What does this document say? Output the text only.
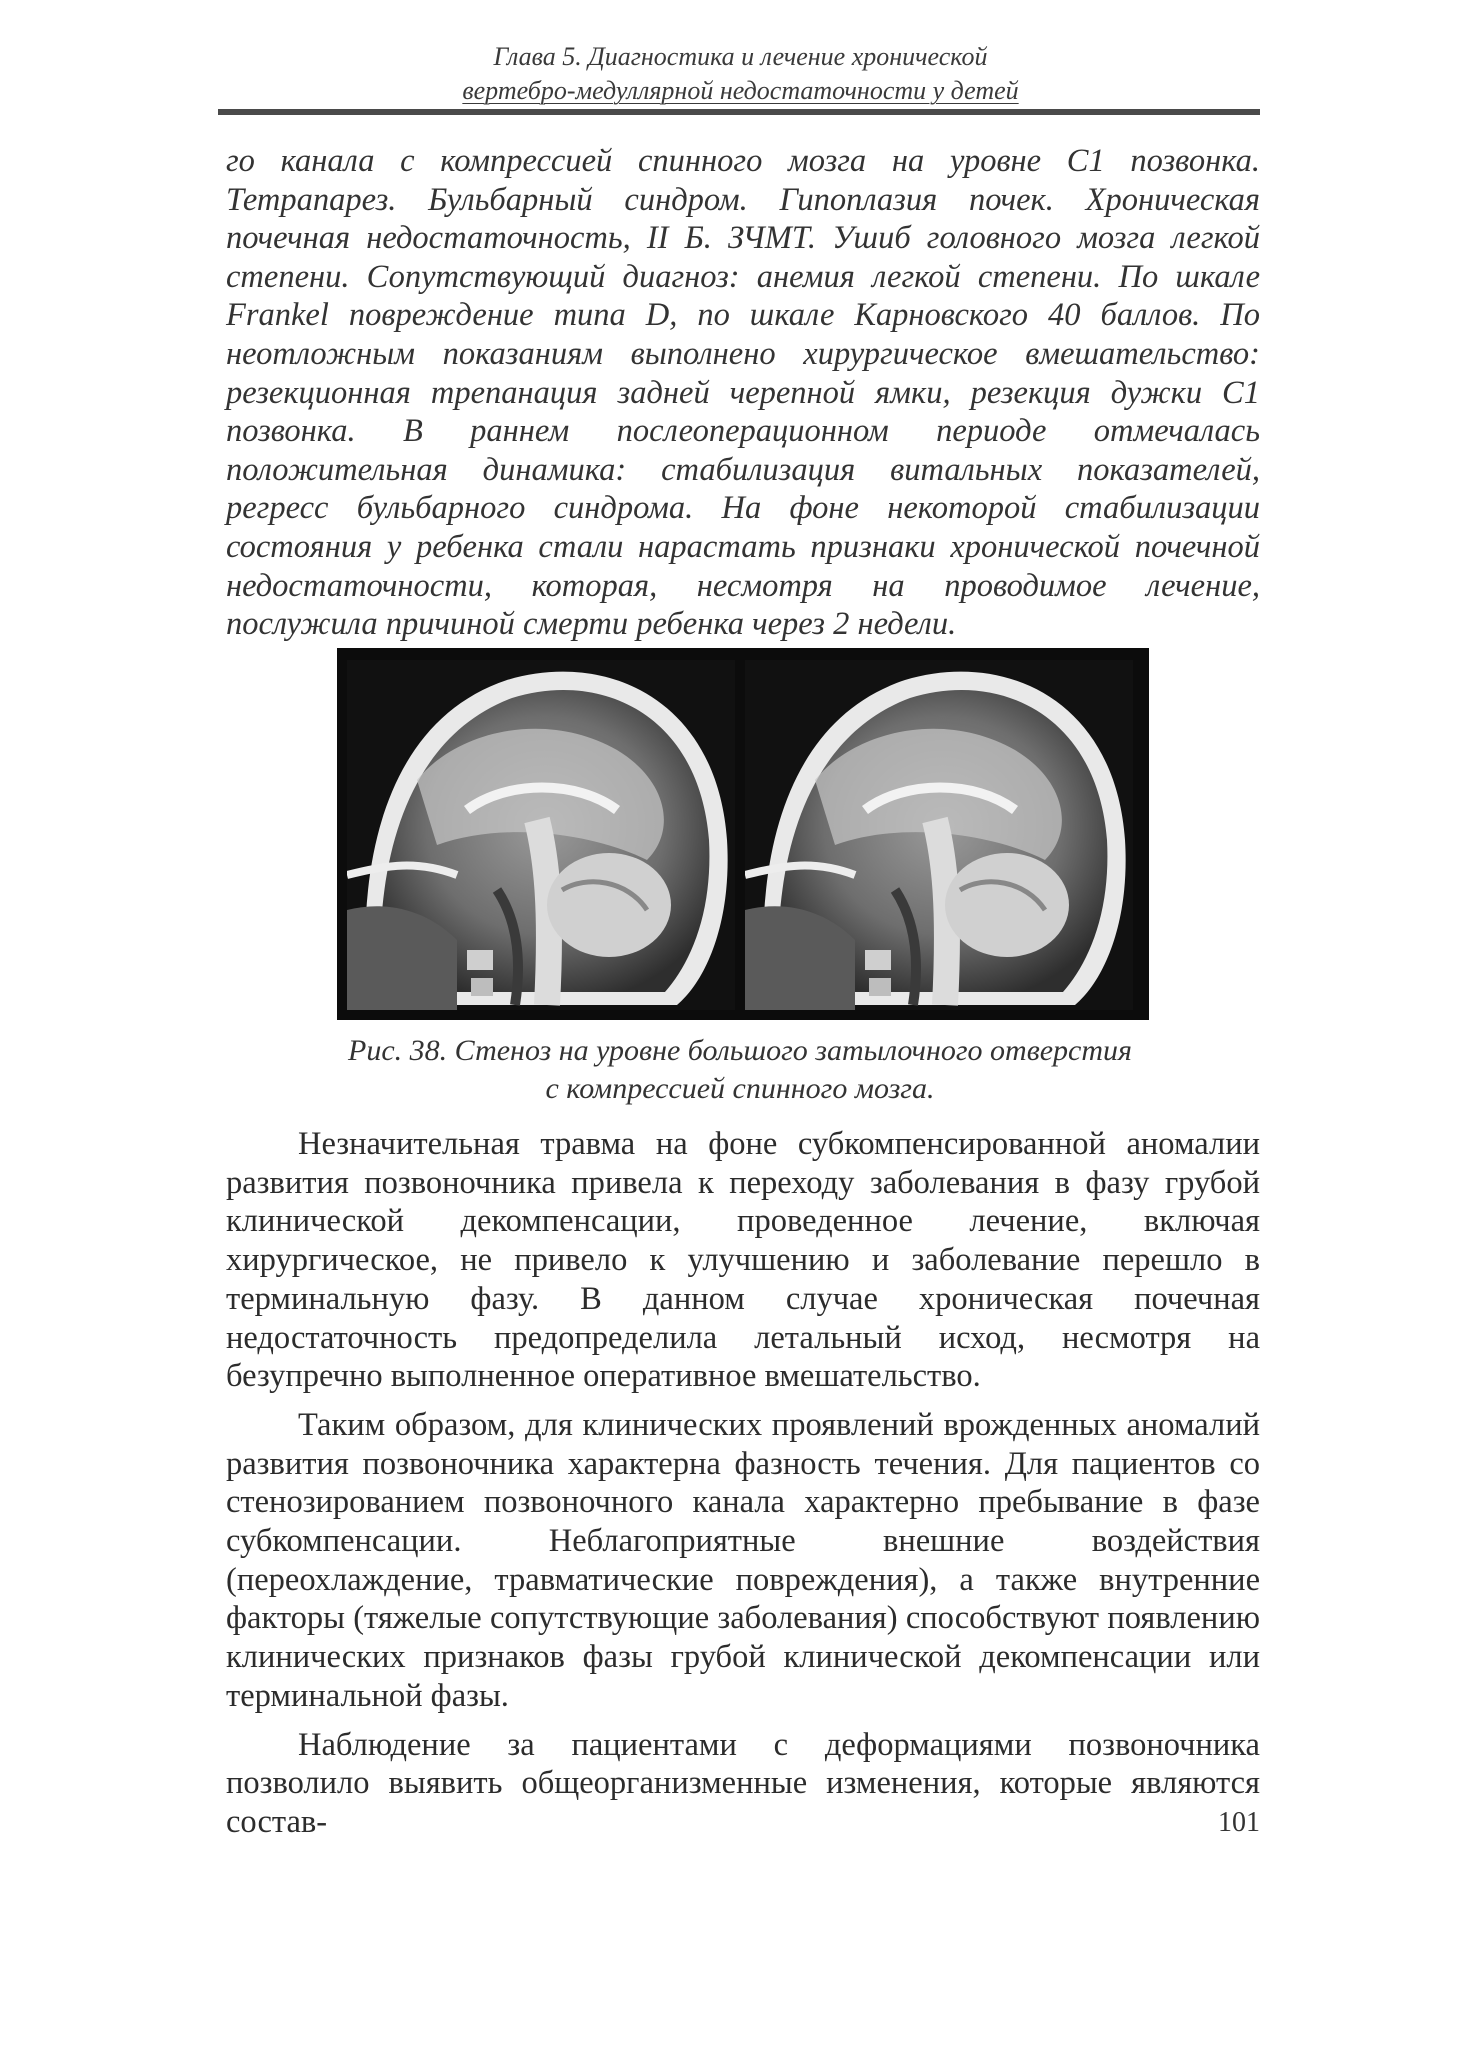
Глава 5. Диагностика и лечение хронической
вертебро-медуллярной недостаточности у детей
го канала с компрессией спинного мозга на уровне С1 позвонка. Тетрапарез. Бульбарный синдром. Гипоплазия почек. Хроническая почечная недостаточность, II Б. ЗЧМТ. Ушиб головного мозга легкой степени. Сопутствующий диагноз: анемия легкой степени. По шкале Frankel повреждение типа D, по шкале Карновского 40 баллов. По неотложным показаниям выполнено хирургическое вмешательство: резекционная трепанация задней черепной ямки, резекция дужки С1 позвонка. В раннем послеоперационном периоде отмечалась положительная динамика: стабилизация витальных показателей, регресс бульбарного синдрома. На фоне некоторой стабилизации состояния у ребенка стали нарастать признаки хронической почечной недостаточности, которая, несмотря на проводимое лечение, послужила причиной смерти ребенка через 2 недели.
Рис. 38. Стеноз на уровне большого затылочного отверстия
с компрессией спинного мозга.

Незначительная травма на фоне субкомпенсированной аномалии развития позвоночника привела к переходу заболевания в фазу грубой клинической декомпенсации, проведенное лечение, включая хирургическое, не привело к улучшению и заболевание перешло в терминальную фазу. В данном случае хроническая почечная недостаточность предопределила летальный исход, несмотря на безупречно выполненное оперативное вмешательство.

Таким образом, для клинических проявлений врожденных аномалий развития позвоночника характерна фазность течения. Для пациентов со стенозированием позвоночного канала характерно пребывание в фазе субкомпенсации. Неблагоприятные внешние воздействия (переохлаждение, травматические повреждения), а также внутренние факторы (тяжелые сопутствующие заболевания) способствуют появлению клинических признаков фазы грубой клинической декомпенсации или терминальной фазы.

Наблюдение за пациентами с деформациями позвоночника позволило выявить общеорганизменные изменения, которые являются состав-	101
